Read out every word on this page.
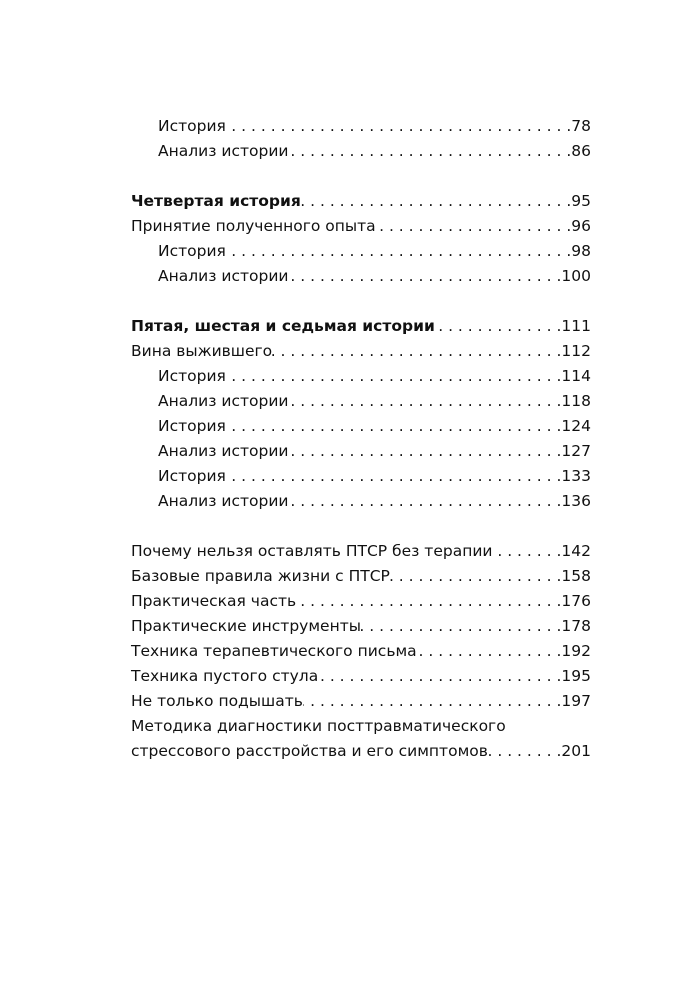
История . . .	78
Анализ истории . . .	86
Четвертая история . . .	95
Принятие полученного опыта . . .	96
История . . .	98
Анализ истории . . .	100
Пятая, шестая и седьмая истории . . .	111
Вина выжившего . . .	112
История . . .	114
Анализ истории . . .	118
История . . .	124
Анализ истории . . .	127
История . . .	133
Анализ истории . . .	136
Почему нельзя оставлять ПТСР без терапии . . .	142
Базовые правила жизни с ПТСР . . .	158
Практическая часть . . .	176
Практические инструменты . . .	178
Техника терапевтического письма . . .	192
Техника пустого стула . . .	195
Не только подышать . . .	197
Методика диагностики посттравматического
стрессового расстройства и его симптомов . . .	201
